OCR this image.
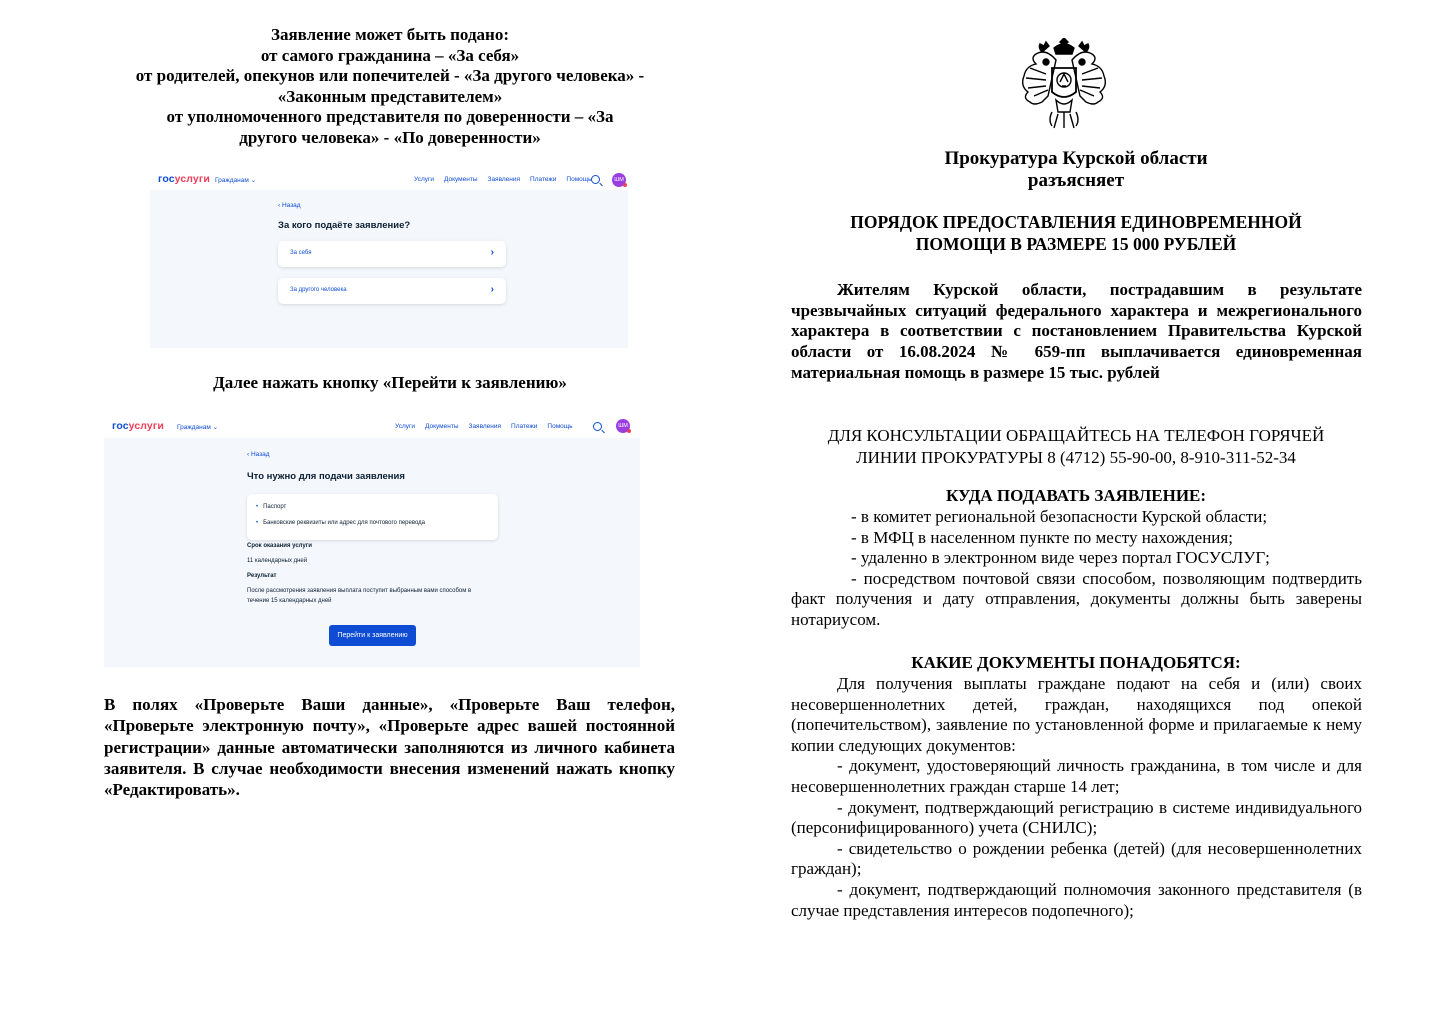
Заявление может быть подано:
от самого гражданина – «За себя»
от родителей, опекунов или попечителей - «За другого человека» -
«Законным представителем»
от уполномоченного представителя по доверенности – «За
другого человека» - «По доверенности»
госуслуги Гражданам ⌄	Услуги Документы Заявления Платежи Помощь	ШМ
‹ Назад
За кого подаёте заявление?
За себя	›
За другого человека	›
Далее нажать кнопку «Перейти к заявлению»
госуслуги Гражданам ⌄	Услуги Документы Заявления Платежи Помощь	ШМ
‹ Назад
Что нужно для подачи заявления
• Паспорт
• Банковские реквизиты или адрес для почтового перевода
Срок оказания услуги
11 календарных дней
Результат
После рассмотрения заявления выплата поступит выбранным вами способом в
течение 15 календарных дней
Перейти к заявлению
В полях «Проверьте Ваши данные», «Проверьте Ваш телефон, «Проверьте электронную почту», «Проверьте адрес вашей постоянной регистрации» данные автоматически заполняются из личного кабинета заявителя. В случае необходимости внесения изменений нажать кнопку «Редактировать».
Прокуратура Курской области
разъясняет
ПОРЯДОК ПРЕДОСТАВЛЕНИЯ ЕДИНОВРЕМЕННОЙ
ПОМОЩИ В РАЗМЕРЕ 15 000 РУБЛЕЙ
Жителям Курской области, пострадавшим в результате чрезвычайных ситуаций федерального характера и межрегионального характера в соответствии с постановлением Правительства Курской области от 16.08.2024 № 659-пп выплачивается единовременная материальная помощь в размере 15 тыс. рублей
ДЛЯ КОНСУЛЬТАЦИИ ОБРАЩАЙТЕСЬ НА ТЕЛЕФОН ГОРЯЧЕЙ
ЛИНИИ ПРОКУРАТУРЫ 8 (4712) 55-90-00, 8-910-311-52-34
КУДА ПОДАВАТЬ ЗАЯВЛЕНИЕ:
- в комитет региональной безопасности Курской области;
- в МФЦ в населенном пункте по месту нахождения;
- удаленно в электронном виде через портал ГОСУСЛУГ;
- посредством почтовой связи способом, позволяющим подтвердить факт получения и дату отправления, документы должны быть заверены нотариусом.
КАКИЕ ДОКУМЕНТЫ ПОНАДОБЯТСЯ:
Для получения выплаты граждане подают на себя и (или) своих несовершеннолетних детей, граждан, находящихся под опекой (попечительством), заявление по установленной форме и прилагаемые к нему копии следующих документов:
- документ, удостоверяющий личность гражданина, в том числе и для несовершеннолетних граждан старше 14 лет;
- документ, подтверждающий регистрацию в системе индивидуального (персонифицированного) учета (СНИЛС);
- свидетельство о рождении ребенка (детей) (для несовершеннолетних граждан);
- документ, подтверждающий полномочия законного представителя (в случае представления интересов подопечного);
